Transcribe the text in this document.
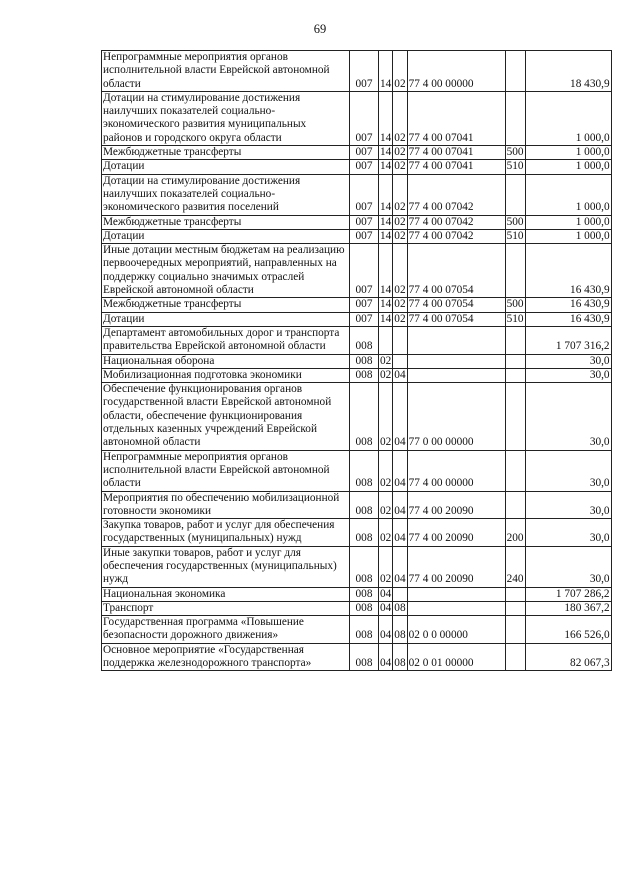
69
Непрограммные мероприятия органов исполнительной власти Еврейской автономной области	007	14	02	77 4 00 00000		18 430,9
Дотации на стимулирование достижения наилучших показателей социально-экономического развития муниципальных районов и городского округа области	007	14	02	77 4 00 07041		1 000,0
Межбюджетные трансферты	007	14	02	77 4 00 07041	500	1 000,0
Дотации	007	14	02	77 4 00 07041	510	1 000,0
Дотации на стимулирование достижения наилучших показателей социально-экономического развития поселений	007	14	02	77 4 00 07042		1 000,0
Межбюджетные трансферты	007	14	02	77 4 00 07042	500	1 000,0
Дотации	007	14	02	77 4 00 07042	510	1 000,0
Иные дотации местным бюджетам на реализацию первоочередных мероприятий, направленных на поддержку социально значимых отраслей Еврейской автономной области	007	14	02	77 4 00 07054		16 430,9
Межбюджетные трансферты	007	14	02	77 4 00 07054	500	16 430,9
Дотации	007	14	02	77 4 00 07054	510	16 430,9
Департамент автомобильных дорог и транспорта правительства Еврейской автономной области	008					1 707 316,2
Национальная оборона	008	02				30,0
Мобилизационная подготовка экономики	008	02	04			30,0
Обеспечение функционирования органов государственной власти Еврейской автономной области, обеспечение функционирования отдельных казенных учреждений Еврейской автономной области	008	02	04	77 0 00 00000		30,0
Непрограммные мероприятия органов исполнительной власти Еврейской автономной области	008	02	04	77 4 00 00000		30,0
Мероприятия по обеспечению мобилизационной готовности экономики	008	02	04	77 4 00 20090		30,0
Закупка товаров, работ и услуг для обеспечения государственных (муниципальных) нужд	008	02	04	77 4 00 20090	200	30,0
Иные закупки товаров, работ и услуг для обеспечения государственных (муниципальных) нужд	008	02	04	77 4 00 20090	240	30,0
Национальная экономика	008	04				1 707 286,2
Транспорт	008	04	08			180 367,2
Государственная программа «Повышение безопасности дорожного движения»	008	04	08	02 0 0 00000		166 526,0
Основное мероприятие «Государственная поддержка железнодорожного транспорта»	008	04	08	02 0 01 00000		82 067,3
